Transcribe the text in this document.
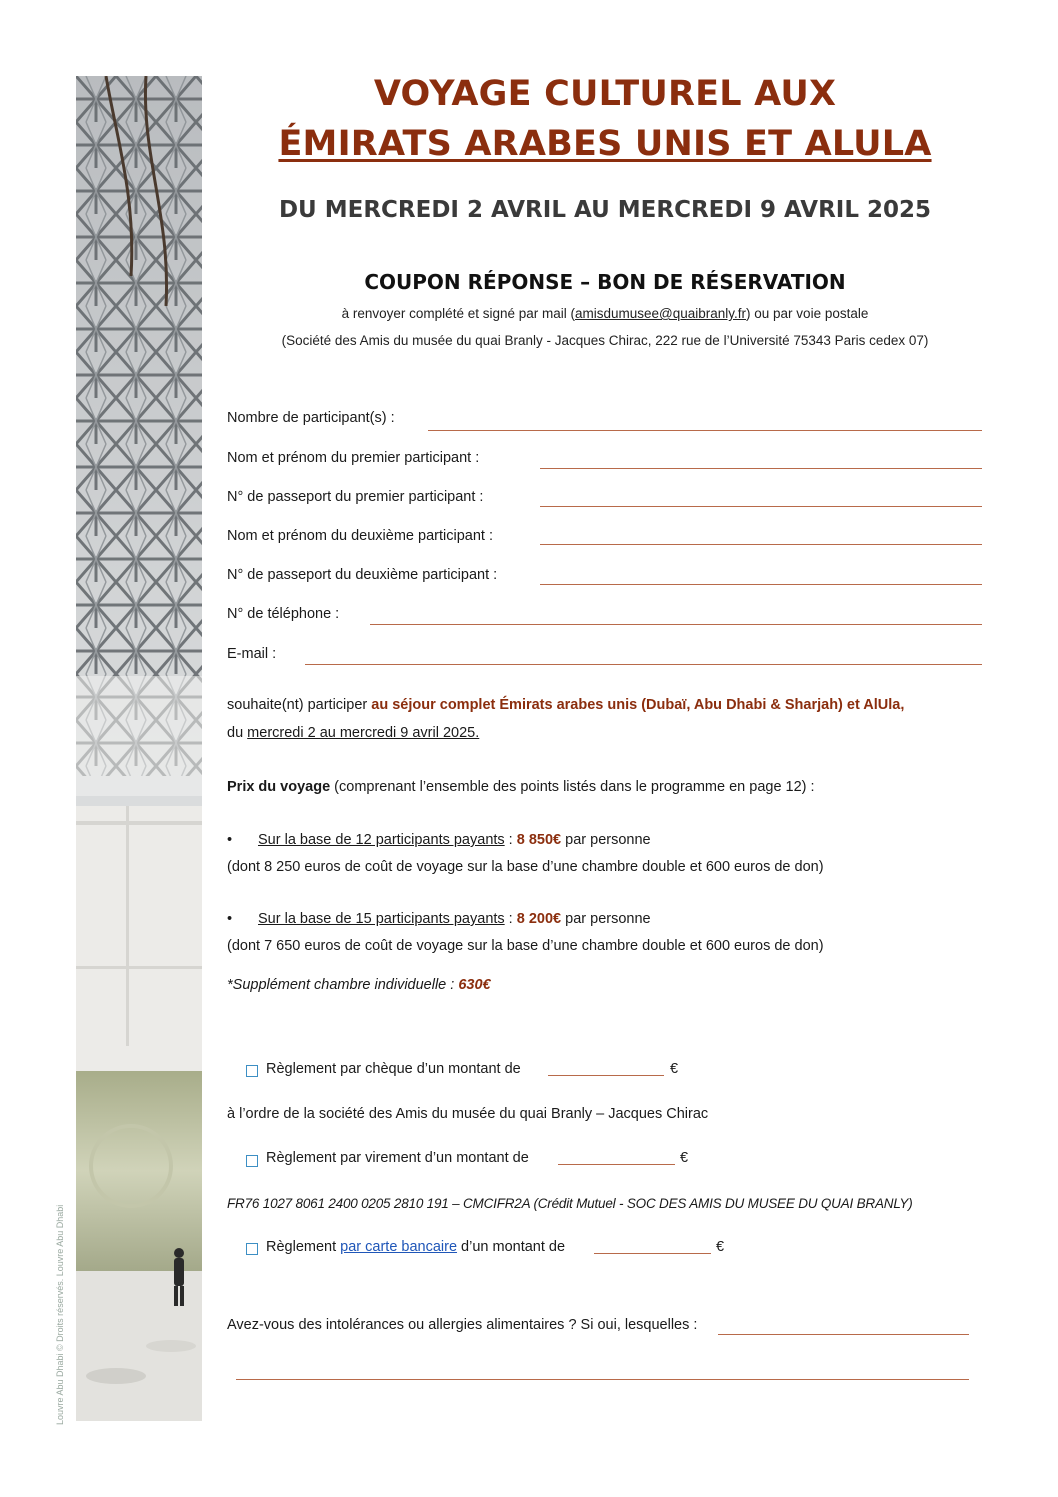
Louvre Abu Dhabi © Droits réservés. Louvre Abu Dhabi
VOYAGE CULTUREL AUX
ÉMIRATS ARABES UNIS ET ALULA
DU MERCREDI 2 AVRIL AU MERCREDI 9 AVRIL 2025
COUPON RÉPONSE – BON DE RÉSERVATION
à renvoyer complété et signé par mail (amisdumusee@quaibranly.fr) ou par voie postale
(Société des Amis du musée du quai Branly - Jacques Chirac, 222 rue de l’Université 75343 Paris cedex 07)
Nombre de participant(s) :
Nom et prénom du premier participant :
N° de passeport du premier participant :
Nom et prénom du deuxième participant :
N° de passeport du deuxième participant :
N° de téléphone :
E-mail :
souhaite(nt) participer au séjour complet Émirats arabes unis (Dubaï, Abu Dhabi & Sharjah) et AlUla,
du mercredi 2 au mercredi 9 avril 2025.
Prix du voyage (comprenant l’ensemble des points listés dans le programme en page 12) :
• Sur la base de 12 participants payants : 8 850€ par personne
(dont 8 250 euros de coût de voyage sur la base d’une chambre double et 600 euros de don)
• Sur la base de 15 participants payants : 8 200€ par personne
(dont 7 650 euros de coût de voyage sur la base d’une chambre double et 600 euros de don)
*Supplément chambre individuelle : 630€
Règlement par chèque d’un montant de	€
à l’ordre de la société des Amis du musée du quai Branly – Jacques Chirac
Règlement par virement d’un montant de	€
FR76 1027 8061 2400 0205 2810 191 – CMCIFR2A (Crédit Mutuel - SOC DES AMIS DU MUSEE DU QUAI BRANLY)
Règlement par carte bancaire d’un montant de	€
Avez-vous des intolérances ou allergies alimentaires ? Si oui, lesquelles :
